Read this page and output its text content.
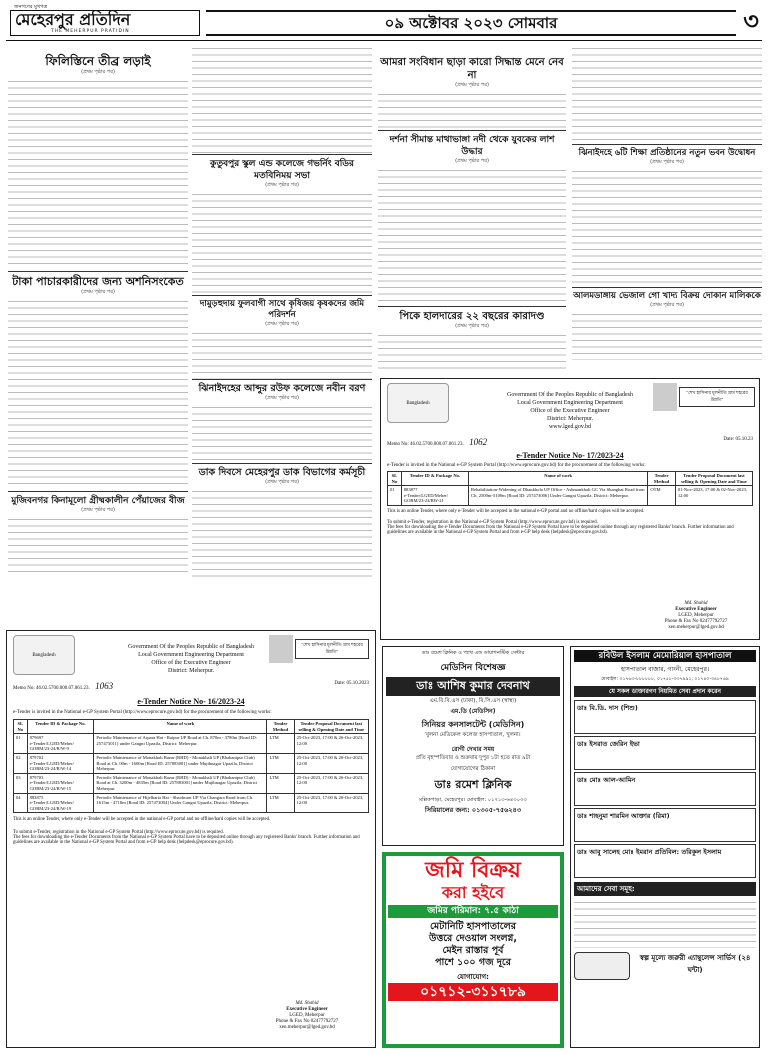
জনগণের মুখপত্র
মেহেরপুর প্রতিদিন
THE MEHERPUR PRATIDIN	০৯ অক্টোবর ২০২৩ সোমবার	৩
ফিলিস্তিনে তীব্র লড়াই
(প্রথম পৃষ্ঠার পর)
টাকা পাচারকারীদের জন্য অশনিসংকেত
(প্রথম পৃষ্ঠার পর)
মুজিবনগর কিনামূলো গ্রীষ্মকালীন পেঁয়াজের বীজ
(প্রথম পৃষ্ঠার পর)
কুতুবপুর স্কুল এন্ড কলেজে গভর্নিং বডির মতবিনিময় সভা
(প্রথম পৃষ্ঠার পর)
দামুড়হুদায় ফুলবাগী সাথে কৃষিজয় কৃষকদের জমি পরিদর্শন
(প্রথম পৃষ্ঠার পর)
ঝিনাইদহের আব্দুর রউফ কলেজে নবীন বরণ
(প্রথম পৃষ্ঠার পর)
ডাক দিবসে মেহেরপুর ডাক বিভাগের কর্মসূচী
(প্রথম পৃষ্ঠার পর)
আমরা সংবিধান ছাড়া কারো সিদ্ধান্ত মেনে নেব না
(প্রথম পৃষ্ঠার পর)
দর্শনা সীমান্ত মাথাভাঙ্গা নদী থেকে যুবকের লাশ উদ্ধার
(প্রথম পৃষ্ঠার পর)
পিকে হালদারের ২২ বছরের কারাদণ্ড
(প্রথম পৃষ্ঠার পর)
ঝিনাইদহে ৬টি শিক্ষা প্রতিষ্ঠানের নতুন ভবন উদ্বোধন
(প্রথম পৃষ্ঠার পর)
আলমডাঙ্গায় ভেজাল গো খাদ্য বিক্রয় দোকান মালিককে
(প্রথম পৃষ্ঠার পর)
Bangladesh
"শেখ হাসিনার মূলনীতি গ্রাম শহরের উন্নতি"
Government Of the Peoples Republic of Bangladesh
Local Government Engineering Department
Office of the Executive Engineer
District: Meherpur.
www.lged.gov.bd
Memo No: 46.02.5700.000.07.061.23. 1062	Date: 05.10.23
e-Tender Notice No- 17/2023-24
e-Tender is invited in the National e-GP System Portal (http://www.eprocure.gov.bd) for the procurement of the following works:
SL No	Tender ID & Package No.	Name of work	Tender Method	Tender Proposal Document last selling & Opening Date and Time
01	883877
e-Tender/LGED/Meher/ GOBM/23-24/RW-21	Rehabilitation-Widening of Dhankhola UP Office - Ashmankhali GC Via Shanghat Road from Ch. 2500m-5100m [Road ID: 257473006] Under Gangni Upazila, District: Meherpur.	OTM	01-Nov-2023, 17:00 & 02-Nov-2023, 12:00
This is an online Tender, where only e-Tender will be accepted in the national e-GP portal and no offline/hard copies will be accepted.
To submit e-Tender, registration in the National e-GP System Portal (http://www.eprocure.gov.bd) is required.
The fees for downloading the e-Tender Documents from the National e-GP System Portal have to be deposited online through any registered Banks' branch. Further information and guidelines are available in the National e-GP System Portal and from e-GP help desk (helpdesk@eprocure.gov.bd).
Md. Shahid
Executive Engineer
LGED, Meherpur
Phone & Fax No 02477792727
xen.meherpur@lged.gov.bd
Bangladesh
"শেখ হাসিনার মূলনীতি গ্রাম শহরের উন্নতি"
Government Of the Peoples Republic of Bangladesh
Local Government Engineering Department
Office of the Executive Engineer
District: Meherpur.
Memo No: 46.02.5700.000.07.061.23. 1063	Date: 05.10.2023
e-Tender Notice No- 16/2023-24
e-Tender is invited in the National e-GP System Portal (http://www.eprocure.gov.bd) for the procurement of the following works:
SL No	Tender ID & Package No.	Name of work	Tender Method	Tender Proposal Document last selling & Opening Date and Time
01	879697
e-Tender/LGED/Meher/ GOBM/23-24/R/W-9	Periodic Maintenance of Arpara Hat - Raipur UP Road at Ch. 870m - 3780m [Road ID: 257473011] under Gangni Upazila, District: Meherpur.	LTM	25-Oct-2023, 17:00 & 26-Oct-2023, 12:00
02	879702
e-Tender/LGED/Meher/ GOBM/23-24/R/W-14	Periodic Maintenance of Monakhali Bazar (RHD) - Monakhali UP (Bhabanipur Club) Road at Ch. 00m - 1600m [Road ID: 257883001] under Mujibnagar Upazila, District Meherpur.	LTM	25-Oct-2023, 17:00 & 26-Oct-2023, 12:00
03	879703
e-Tender/LGED/Meher/ GOBM/23-24/R/W-15	Periodic Maintenance of Monakhali Bazar (RHD) - Monakhali UP (Bhabanipur Club) Road at Ch. 3200m - 4835m [Road ID: 257883001] under Mujibnagar Upazila, District Meherpur.	LTM	25-Oct-2023, 17:00 & 26-Oct-2023, 12:00
04	883875
e-Tender/LGED/Meher/ GOBM/23-24/R/W-19	Periodic Maintenance of Hijelbaria Hat - Shaolmari UP Via Changara Road from Ch. 1615m - 4718m [Road ID: 257473004] Under Gangni Upazila, District: Meherpur.	LTM	25-Oct-2023, 17:00 & 26-Oct-2023, 12:00
This is an online Tender, where only e-Tender will be accepted in the national e-GP portal and no offline/hard copies will be accepted.
To submit e-Tender, registration in the National e-GP System Portal (http://www.eprocure.gov.bd) is required.
The fees for downloading the e-Tender Documents from the National e-GP System Portal have to be deposited online through any registered Banks' branch. Further information and guidelines are available in the National e-GP System Portal and from e-GP help desk (helpdesk@eprocure.gov.bd).
Md. Shahid
Executive Engineer
LGED, Meherpur
Phone & Fax No 02477792727
xen.meherpur@lged.gov.bd
ডাঃ রমেশ ক্লিনিক ও প্যাথ এন্ড ডায়াগনস্টিক সেন্টার
মেডিসিন বিশেষজ্ঞ
ডাঃ আশিষ কুমার দেবনাথ
এম.বি.বি.এস (ঢাকা), বি.সি.এস (স্বাস্থ্য)
এম.ডি (মেডিসিন)
সিনিয়র কনসালটেন্ট (মেডিসিন)
খুলনা মেডিকেল কলেজ হাসপাতাল, খুলনা।
রোগী দেখার সময়
প্রতি বৃহস্পতিবার ও শুক্রবার দুপুর ১টা হতে রাত ৯টা
যোগাযোগের ঠিকানা
ডাঃ রমেশ ক্লিনিক
মল্লিকপাড়া, মেহেরপুর। মোবাইল: ০১৭১৩-৬৪৩০৩৩
সিরিয়ালের জন্য: ০১৩০৫-৭৫৬২৪৩
জমি বিক্রয়
করা হইবে
জমির পরিমান: ৭.৫ কাঠা
মেটানিটি হাসপাতালের
উত্তরে দেওয়াল সংলগ্ন,
মেইন রাস্তার পূর্ব
পাশে ১০০ গজ দূরে
যোগাযোগ:
০১৭১২-৩১১৭৮৯
রবিউল ইসলাম মেমোরিয়াল হাসপাতাল
হাসপাতাল বাজার, গাংনী, মেহেরপুর।
মোবাইল: ০১৭৬৩-৮৮৮৮৮৮, ০১৭৫৮-৩৩৭৯৯১, ০১৭৪০-৩৪৮৭৬৯
যে সকল ডাক্তারগণ নিয়মিত সেবা প্রদান করেন
ডাঃ বি.ডি. দাস (শিশু)
ডাঃ ইসরাত জেরিন ইভা
ডাঃ মোঃ আল-আমিন
ডাঃ শাহনুমা শারমিন আক্তার (রিমা)
ডাঃ আবু সালেহ মোঃ ইমরান প্রতিবিল: তরিকুল ইসলাম
আমাদের সেবা সমূহ:
স্বল্প মূল্যে জরুরী এ্যাম্বুলেন্স সার্ভিস (২৪ ঘন্টা)
